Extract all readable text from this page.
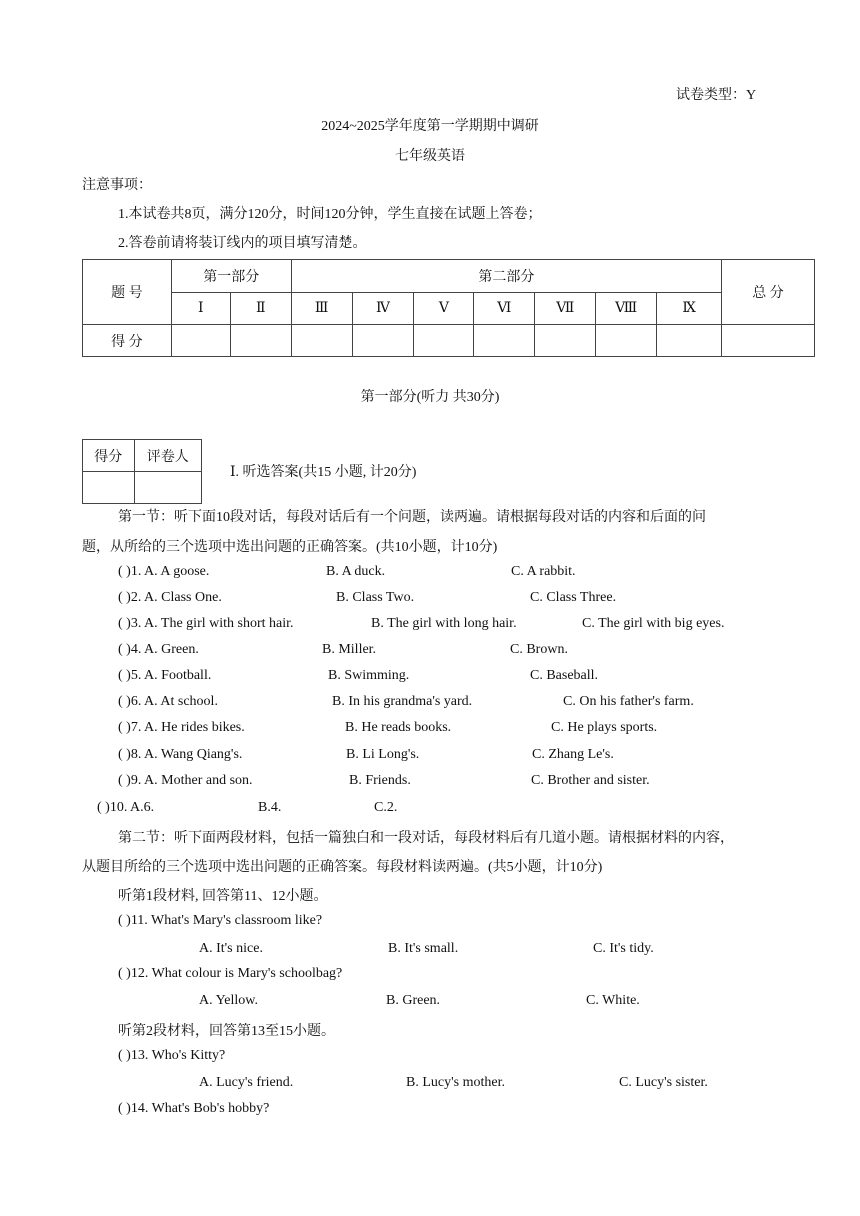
试卷类型：Y
2024~2025学年度第一学期期中调研
七年级英语
注意事项：
1.本试卷共8页，满分120分，时间120分钟，学生直接在试题上答卷；
2.答卷前请将装订线内的项目填写清楚。
题 号	第一部分		第二部分							总 分
	Ⅰ	Ⅱ	Ⅲ	Ⅳ	Ⅴ	Ⅵ	Ⅶ	Ⅷ	Ⅸ	
得 分										
第一部分(听力 共30分)
得分	评卷人

Ⅰ. 听选答案(共15 小题, 计20分)
第一节：听下面10段对话，每段对话后有一个问题，读两遍。请根据每段对话的内容和后面的问
题，从所给的三个选项中选出问题的正确答案。(共10小题，计10分)
( )1. A. A goose.	B. A duck.	C. A rabbit.
( )2. A. Class One.	B. Class Two.	C. Class Three.
( )3. A. The girl with short hair.	B. The girl with long hair.	C. The girl with big eyes.
( )4. A. Green.	B. Miller.	C. Brown.
( )5. A. Football.	B. Swimming.	C. Baseball.
( )6. A. At school.	B. In his grandma's yard.	C. On his father's farm.
( )7. A. He rides bikes.	B. He reads books.	C. He plays sports.
( )8. A. Wang Qiang's.	B. Li Long's.	C. Zhang Le's.
( )9. A. Mother and son.	B. Friends.	C. Brother and sister.
( )10. A.6.	B.4.	C.2.
第二节：听下面两段材料，包括一篇独白和一段对话，每段材料后有几道小题。请根据材料的内容，
从题目所给的三个选项中选出问题的正确答案。每段材料读两遍。(共5小题，计10分)
听第1段材料, 回答第11、12小题。
( )11. What's Mary's classroom like?
A. It's nice.	B. It's small.	C. It's tidy.
( )12. What colour is Mary's schoolbag?
A. Yellow.	B. Green.	C. White.
听第2段材料，回答第13至15小题。
( )13. Who's Kitty?
A. Lucy's friend.	B. Lucy's mother.	C. Lucy's sister.
( )14. What's Bob's hobby?
